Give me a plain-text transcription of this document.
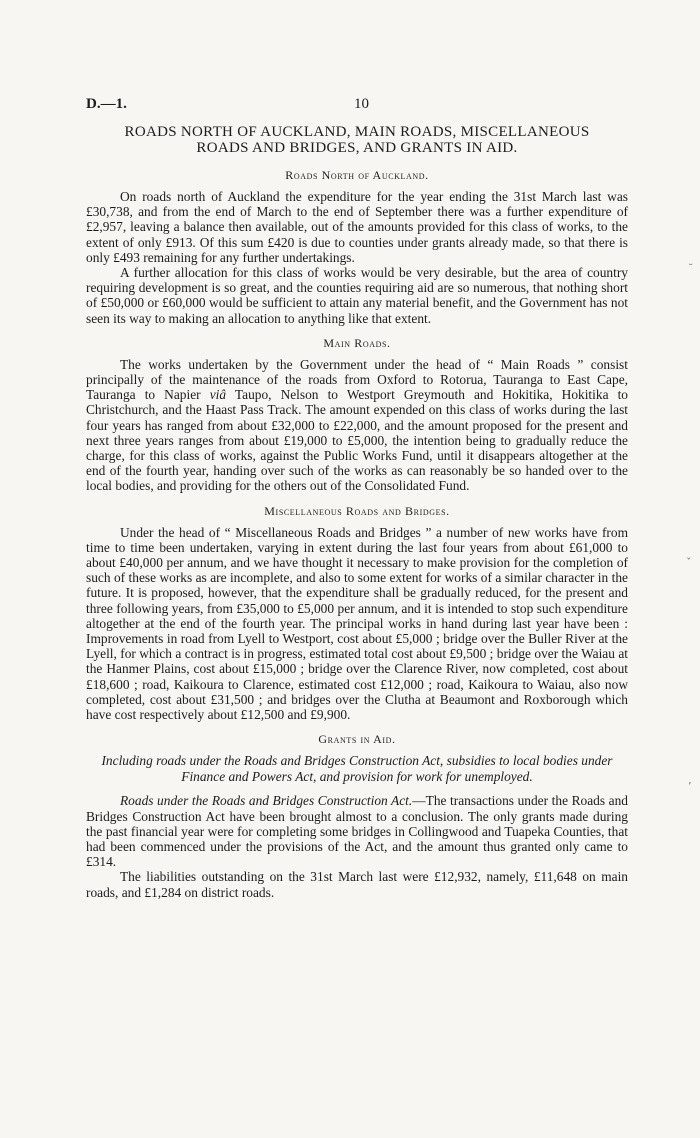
D.—1.	10
ROADS NORTH OF AUCKLAND, MAIN ROADS, MISCELLANEOUS
ROADS AND BRIDGES, AND GRANTS IN AID.
Roads North of Auckland.

On roads north of Auckland the expenditure for the year ending the 31st March last was £30,738, and from the end of March to the end of September there was a further expenditure of £2,957, leaving a balance then available, out of the amounts provided for this class of works, to the extent of only £913. Of this sum £420 is due to counties under grants already made, so that there is only £493 remaining for any further undertakings.

A further allocation for this class of works would be very desirable, but the area of country requiring development is so great, and the counties requiring aid are so numerous, that nothing short of £50,000 or £60,000 would be sufficient to attain any material benefit, and the Government has not seen its way to making an allocation to anything like that extent.

Main Roads.

The works undertaken by the Government under the head of “ Main Roads ” consist principally of the maintenance of the roads from Oxford to Rotorua, Tauranga to East Cape, Tauranga to Napier viâ Taupo, Nelson to Westport Greymouth and Hokitika, Hokitika to Christchurch, and the Haast Pass Track. The amount expended on this class of works during the last four years has ranged from about £32,000 to £22,000, and the amount proposed for the present and next three years ranges from about £19,000 to £5,000, the intention being to gradually reduce the charge, for this class of works, against the Public Works Fund, until it disappears altogether at the end of the fourth year, handing over such of the works as can reasonably be so handed over to the local bodies, and providing for the others out of the Consolidated Fund.

Miscellaneous Roads and Bridges.

Under the head of “ Miscellaneous Roads and Bridges ” a number of new works have from time to time been undertaken, varying in extent during the last four years from about £61,000 to about £40,000 per annum, and we have thought it necessary to make provision for the completion of such of these works as are incomplete, and also to some extent for works of a similar character in the future. It is proposed, however, that the expenditure shall be gradually reduced, for the present and three following years, from £35,000 to £5,000 per annum, and it is intended to stop such expenditure altogether at the end of the fourth year. The principal works in hand during last year have been : Improvements in road from Lyell to Westport, cost about £5,000 ; bridge over the Buller River at the Lyell, for which a contract is in progress, estimated total cost about £9,500 ; bridge over the Waiau at the Hanmer Plains, cost about £15,000 ; bridge over the Clarence River, now completed, cost about £18,600 ; road, Kaikoura to Clarence, estimated cost £12,000 ; road, Kaikoura to Waiau, also now completed, cost about £31,500 ; and bridges over the Clutha at Beaumont and Roxborough which have cost respectively about £12,500 and £9,900.

Grants in Aid.
Including roads under the Roads and Bridges Construction Act, subsidies to local bodies under Finance and Powers Act, and provision for work for unemployed.

Roads under the Roads and Bridges Construction Act.—The transactions under the Roads and Bridges Construction Act have been brought almost to a conclusion. The only grants made during the past financial year were for completing some bridges in Collingwood and Tuapeka Counties, that had been commenced under the provisions of the Act, and the amount thus granted only came to £314.

The liabilities outstanding on the 31st March last were £12,932, namely, £11,648 on main roads, and £1,284 on district roads.

˘
ˇ
ʼ
